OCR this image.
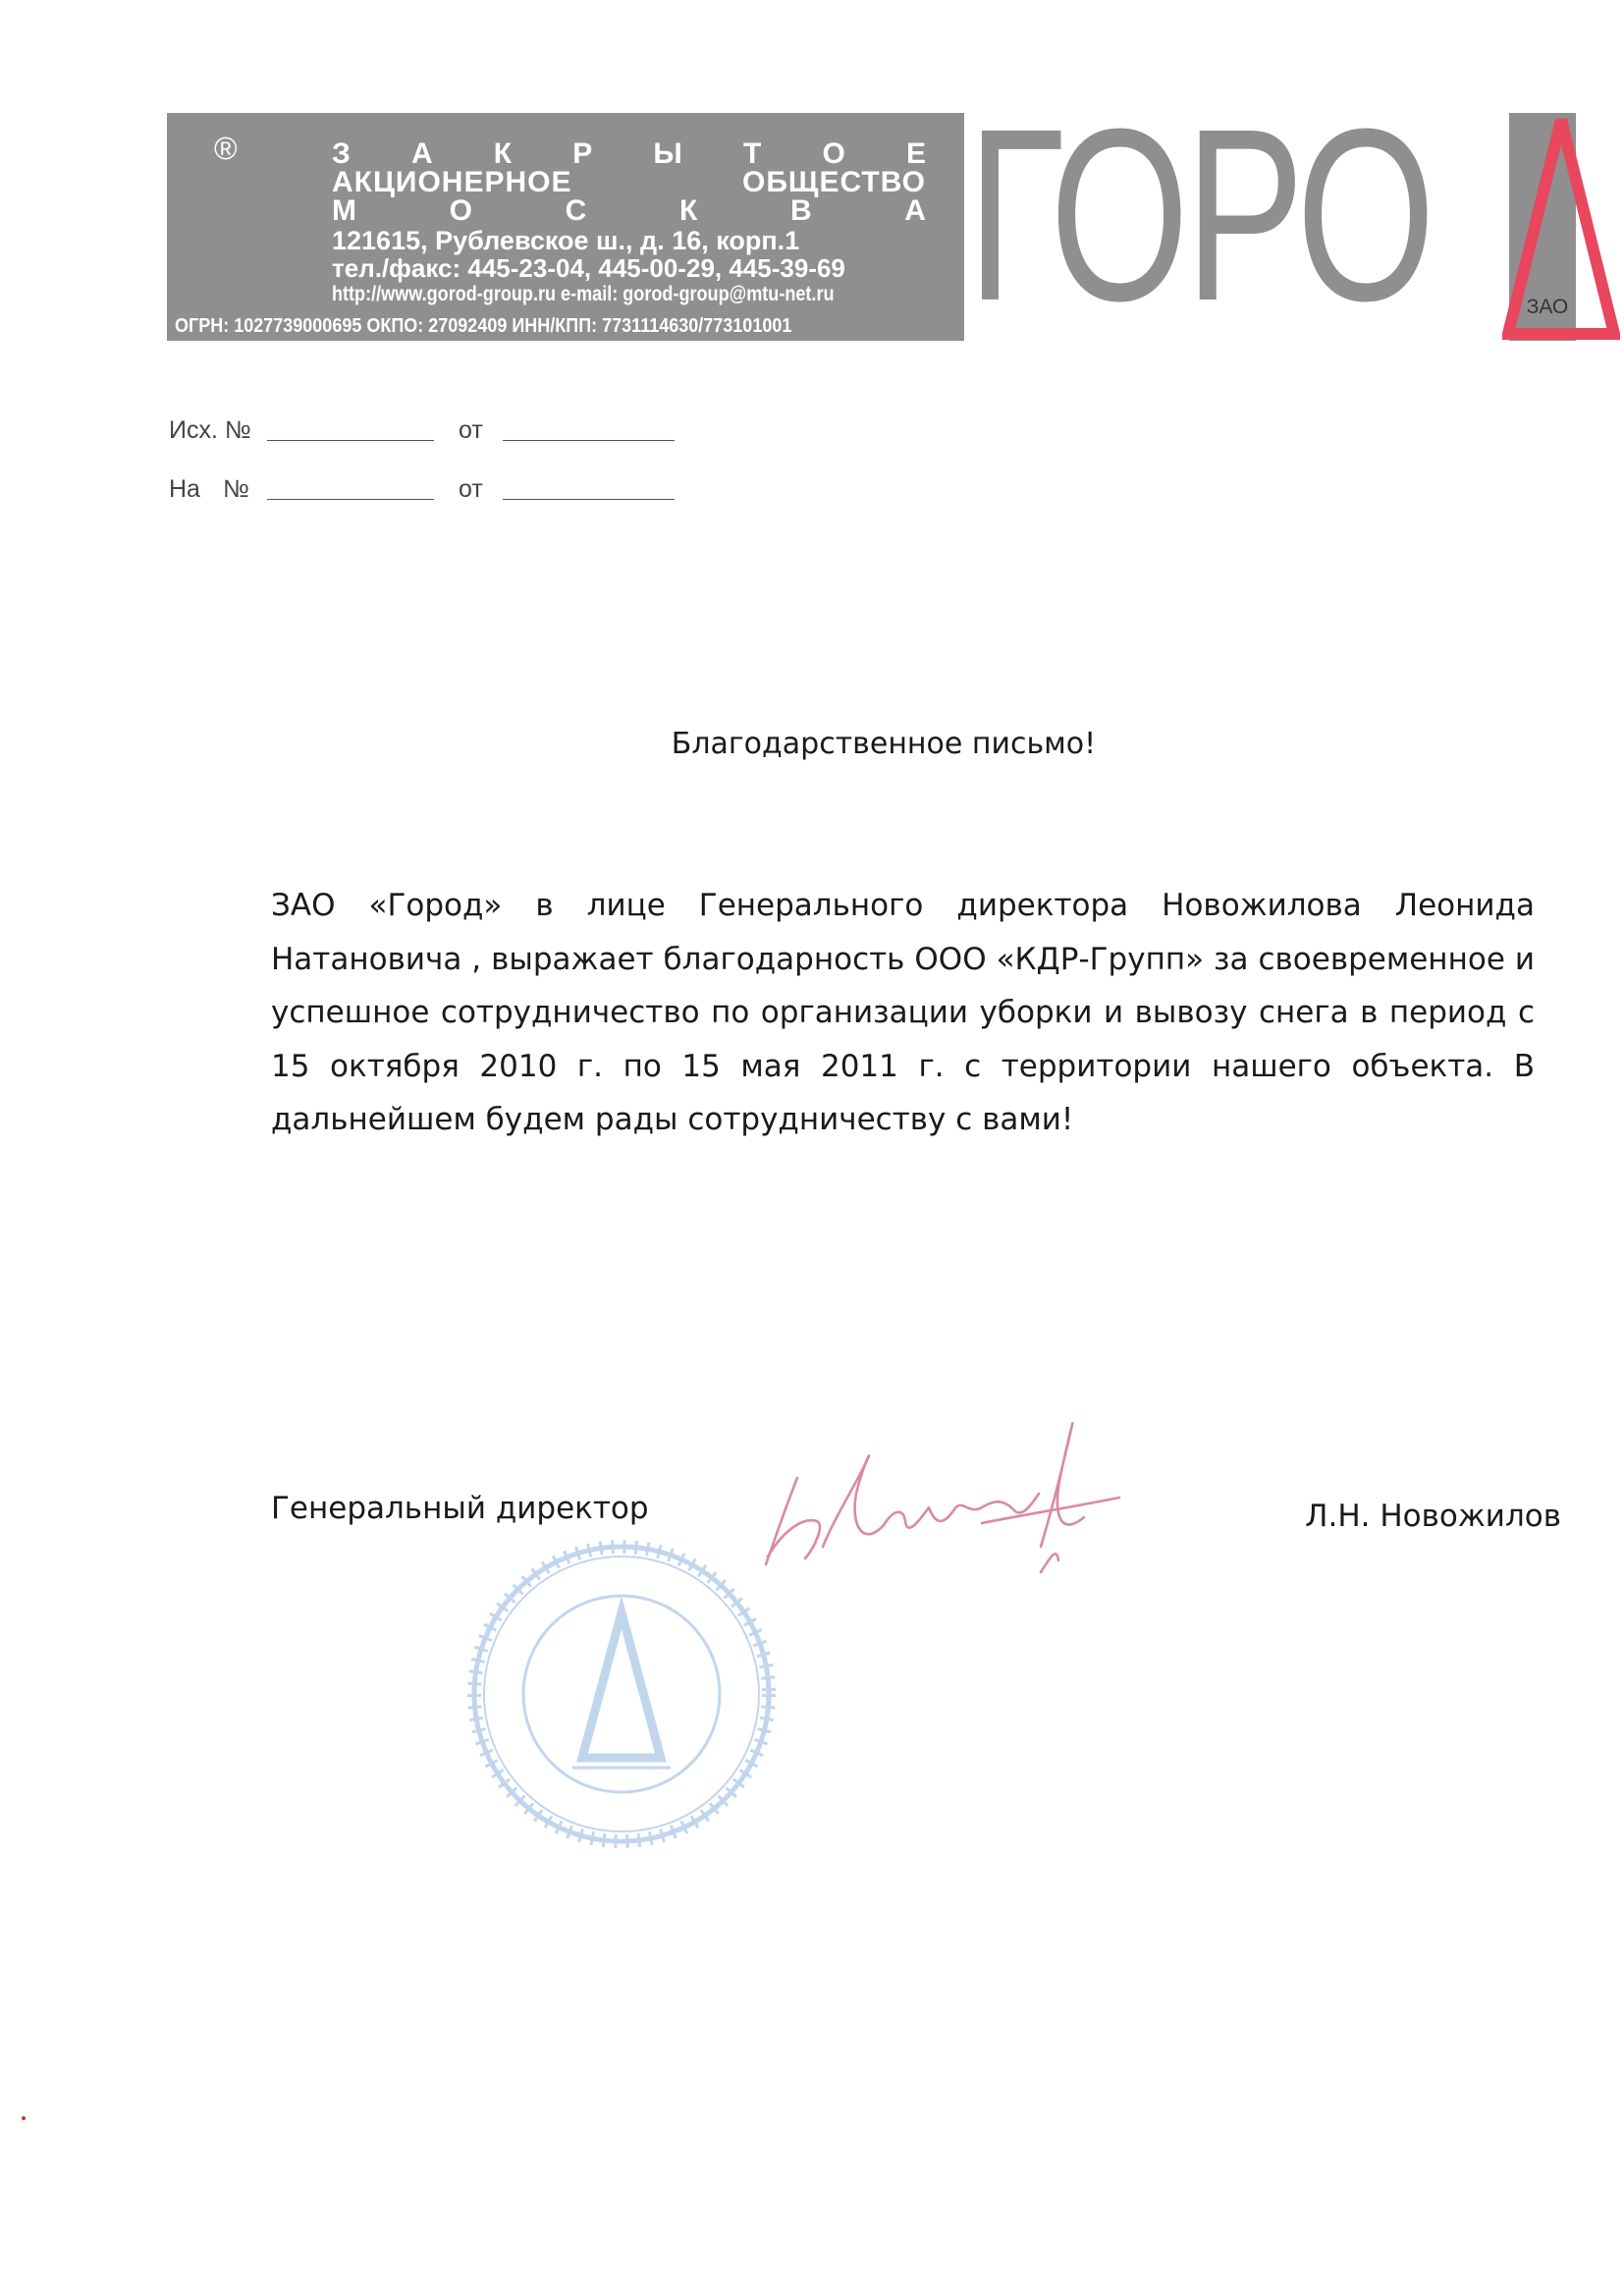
®	З А К Р Ы Т О Е
АКЦИОНЕРНОЕ	ОБЩЕСТВО
М	О	С	К	В	А
121615, Рублевское ш., д. 16, корп.1
тел./факс: 445-23-04, 445-00-29, 445-39-69
http://www.gorod-group.ru e-mail: gorod-group@mtu-net.ru
ОГРН: 1027739000695 ОКПО: 27092409 ИНН/КПП: 7731114630/773101001 ГОРО	ЗАО
Исх. №	от
На №	от
Благодарственное письмо!
ЗАО «Город» в лице Генерального директора Новожилова Леонида Натановича , выражает благодарность ООО «КДР-Групп» за своевременное и успешное сотрудничество по организации уборки и вывозу снега в период с 15 октября 2010 г. по 15 мая 2011 г. с территории нашего объекта. В дальнейшем будем рады сотрудничеству с вами!
Генеральный директор	Л.Н. Новожилов
